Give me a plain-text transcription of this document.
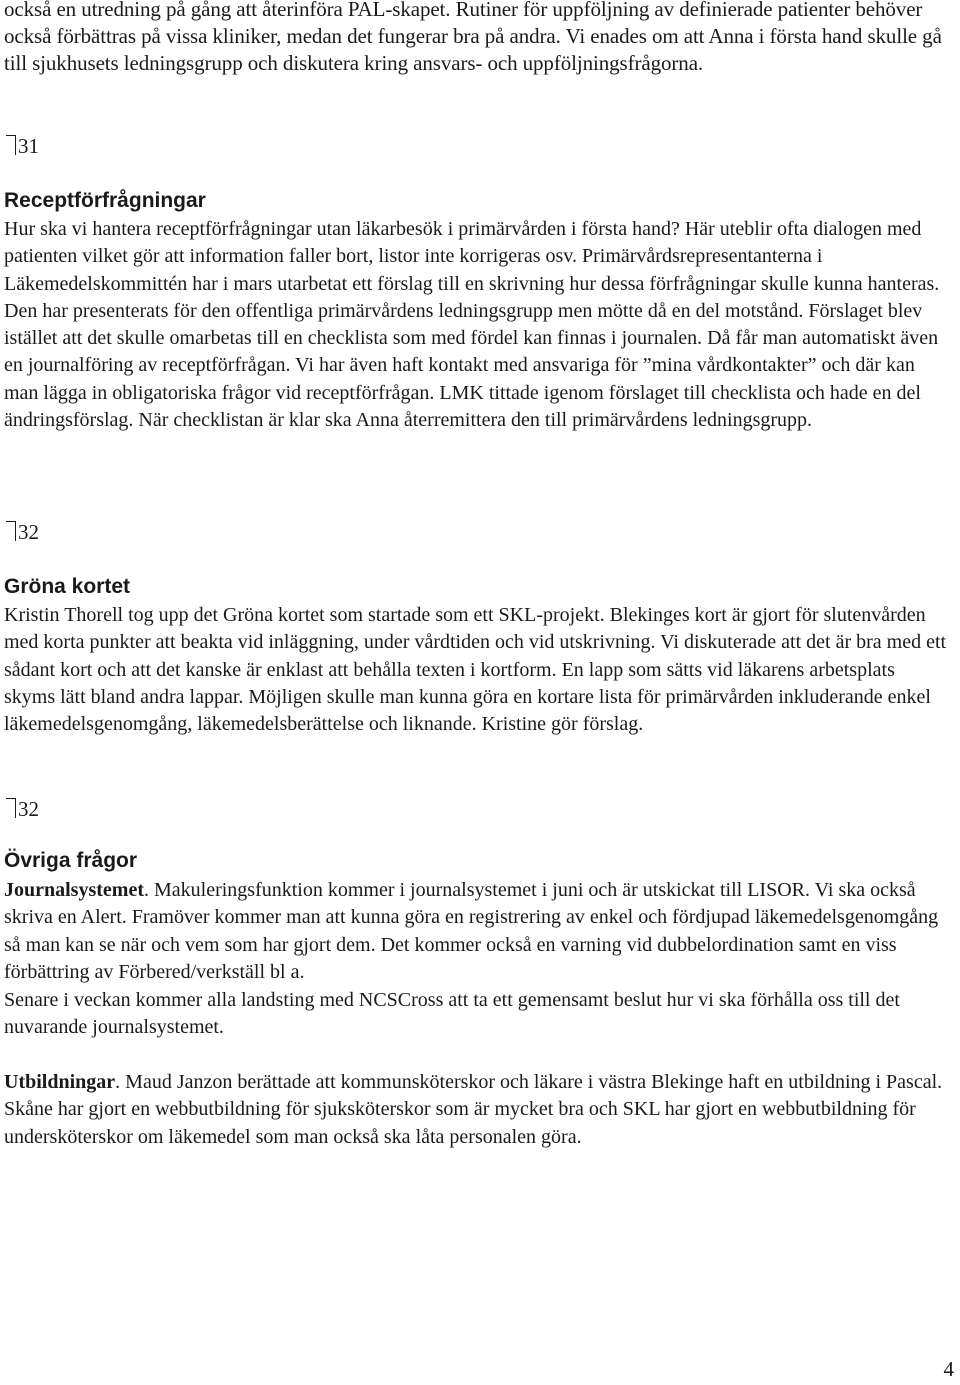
också en utredning på gång att återinföra PAL-skapet. Rutiner för uppföljning av definierade patienter behöver också förbättras på vissa kliniker, medan det fungerar bra på andra. Vi enades om att Anna i första hand skulle gå till sjukhusets ledningsgrupp och diskutera kring ansvars- och uppföljningsfrågorna.

31
Receptförfrågningar

Hur ska vi hantera receptförfrågningar utan läkarbesök i primärvården i första hand? Här uteblir ofta dialogen med patienten vilket gör att information faller bort, listor inte korrigeras osv. Primärvårdsrepresentanterna i Läkemedelskommittén har i mars utarbetat ett förslag till en skrivning hur dessa förfrågningar skulle kunna hanteras. Den har presenterats för den offentliga primärvårdens ledningsgrupp men mötte då en del motstånd. Förslaget blev istället att det skulle omarbetas till en checklista som med fördel kan finnas i journalen. Då får man automatiskt även en journalföring av receptförfrågan. Vi har även haft kontakt med ansvariga för ”mina vårdkontakter” och där kan man lägga in obligatoriska frågor vid receptförfrågan. LMK tittade igenom förslaget till checklista och hade en del ändringsförslag. När checklistan är klar ska Anna återremittera den till primärvårdens ledningsgrupp.

32
Gröna kortet

Kristin Thorell tog upp det Gröna kortet som startade som ett SKL-projekt. Blekinges kort är gjort för slutenvården med korta punkter att beakta vid inläggning, under vårdtiden och vid utskrivning. Vi diskuterade att det är bra med ett sådant kort och att det kanske är enklast att behålla texten i kortform. En lapp som sätts vid läkarens arbetsplats skyms lätt bland andra lappar. Möjligen skulle man kunna göra en kortare lista för primärvården inkluderande enkel läkemedelsgenomgång, läkemedelsberättelse och liknande. Kristine gör förslag.

32
Övriga frågor

Journalsystemet. Makuleringsfunktion kommer i journalsystemet i juni och är utskickat till LISOR. Vi ska också skriva en Alert. Framöver kommer man att kunna göra en registrering av enkel och fördjupad läkemedelsgenomgång så man kan se när och vem som har gjort dem. Det kommer också en varning vid dubbelordination samt en viss förbättring av Förbered/verkställ bl a.

Senare i veckan kommer alla landsting med NCSCross att ta ett gemensamt beslut hur vi ska förhålla oss till det nuvarande journalsystemet.

Utbildningar. Maud Janzon berättade att kommunsköterskor och läkare i västra Blekinge haft en utbildning i Pascal. Skåne har gjort en webbutbildning för sjuksköterskor som är mycket bra och SKL har gjort en webbutbildning för undersköterskor om läkemedel som man också ska låta personalen göra.

4
